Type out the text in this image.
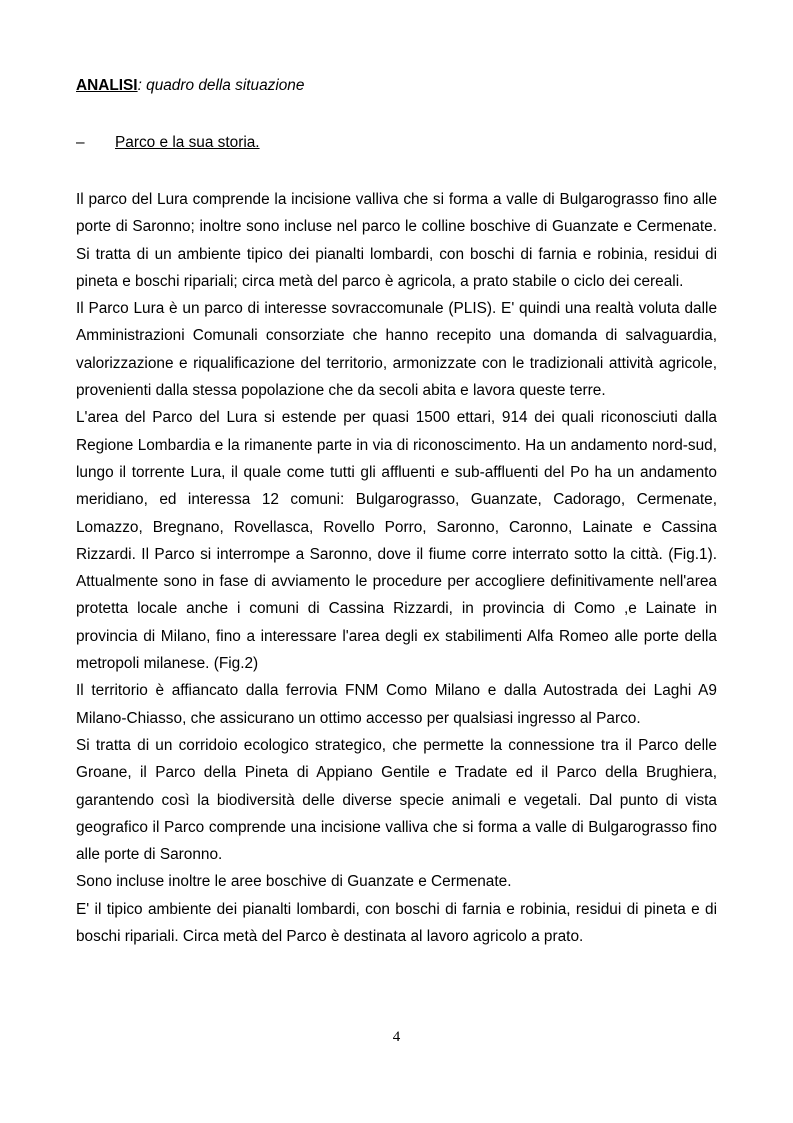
ANALISI: quadro della situazione
– Parco e la sua storia.

Il parco del Lura comprende la incisione valliva che si forma a valle di Bulgarograsso fino alle porte di Saronno; inoltre sono incluse nel parco le colline boschive di Guanzate e Cermenate. Si tratta di un ambiente tipico dei pianalti lombardi, con boschi di farnia e robinia, residui di pineta e boschi ripariali; circa metà del parco è agricola, a prato stabile o ciclo dei cereali.

Il Parco Lura è un parco di interesse sovraccomunale (PLIS). E' quindi una realtà voluta dalle Amministrazioni Comunali consorziate che hanno recepito una domanda di salvaguardia, valorizzazione e riqualificazione del territorio, armonizzate con le tradizionali attività agricole, provenienti dalla stessa popolazione che da secoli abita e lavora queste terre.

L'area del Parco del Lura si estende per quasi 1500 ettari, 914 dei quali riconosciuti dalla Regione Lombardia e la rimanente parte in via di riconoscimento. Ha un andamento nord-sud, lungo il torrente Lura, il quale come tutti gli affluenti e sub-affluenti del Po ha un andamento meridiano, ed interessa 12 comuni: Bulgarograsso, Guanzate, Cadorago, Cermenate, Lomazzo, Bregnano, Rovellasca, Rovello Porro, Saronno, Caronno, Lainate e Cassina Rizzardi. Il Parco si interrompe a Saronno, dove il fiume corre interrato sotto la città. (Fig.1). Attualmente sono in fase di avviamento le procedure per accogliere definitivamente nell'area protetta locale anche i comuni di Cassina Rizzardi, in provincia di Como ,e Lainate in provincia di Milano, fino a interessare l'area degli ex stabilimenti Alfa Romeo alle porte della metropoli milanese. (Fig.2)

Il territorio è affiancato dalla ferrovia FNM Como Milano e dalla Autostrada dei Laghi A9 Milano-Chiasso, che assicurano un ottimo accesso per qualsiasi ingresso al Parco.

Si tratta di un corridoio ecologico strategico, che permette la connessione tra il Parco delle Groane, il Parco della Pineta di Appiano Gentile e Tradate ed il Parco della Brughiera, garantendo così la biodiversità delle diverse specie animali e vegetali. Dal punto di vista geografico il Parco comprende una incisione valliva che si forma a valle di Bulgarograsso fino alle porte di Saronno.

Sono incluse inoltre le aree boschive di Guanzate e Cermenate.

E' il tipico ambiente dei pianalti lombardi, con boschi di farnia e robinia, residui di pineta e di boschi ripariali. Circa metà del Parco è destinata al lavoro agricolo a prato.

4
